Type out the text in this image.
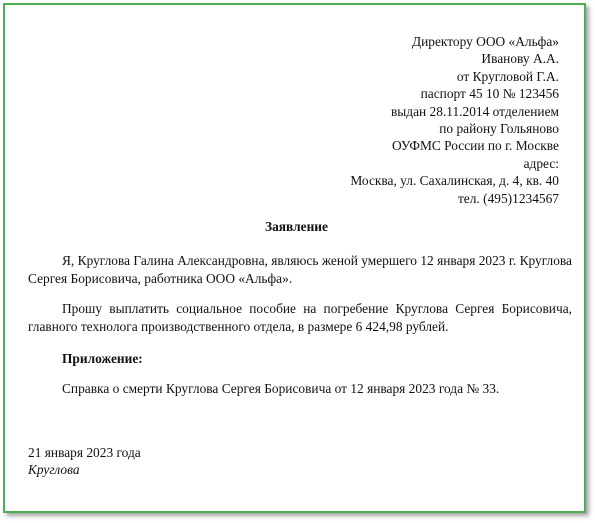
Директору ООО «Альфа»
Иванову А.А.
от Кругловой Г.А.
паспорт 45 10 № 123456
выдан 28.11.2014 отделением
по району Гольяново
ОУФМС России по г. Москве
адрес:
Москва, ул. Сахалинская, д. 4, кв. 40
тел. (495)1234567
Заявление
Я, Круглова Галина Александровна, являюсь женой умершего 12 января 2023 г. Круглова Сергея Борисовича, работника ООО «Альфа».
Прошу выплатить социальное пособие на погребение Круглова Сергея Борисовича, главного технолога производственного отдела, в размере 6 424,98 рублей.
Приложение:
Справка о смерти Круглова Сергея Борисовича от 12 января 2023 года № 33.
21 января 2023 года
Круглова
